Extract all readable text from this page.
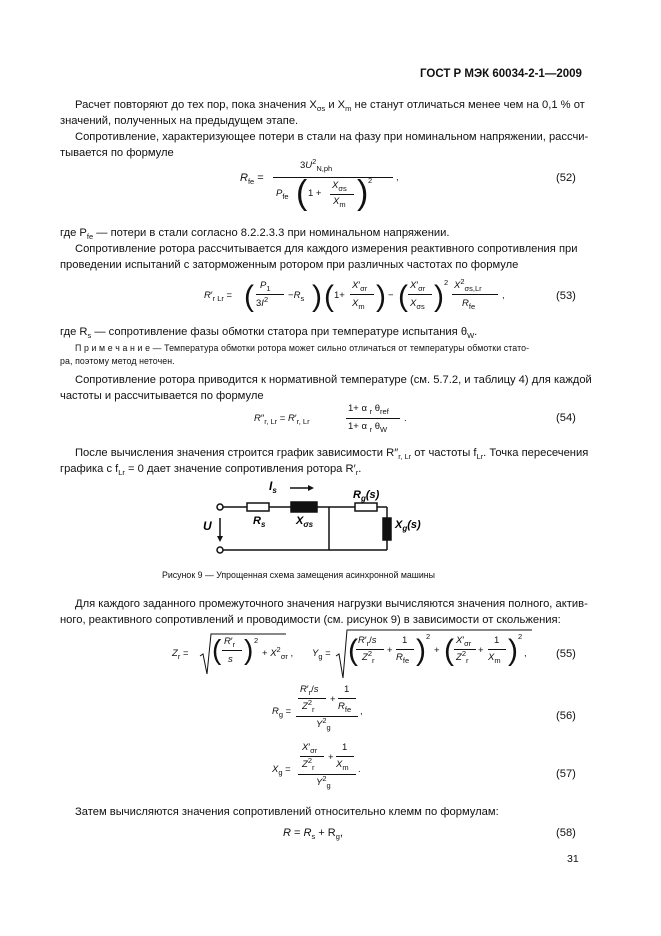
ГОСТ Р МЭК 60034-2-1—2009
Расчет повторяют до тех пор, пока значения $X_{\sigma s}$ и $X_m$ не станут отличаться менее чем на 0,1 % от
значений, полученных на предыдущем этапе.
Сопротивление, характеризующее потери в стали на фазу при номинальном напряжении, рассчи-
тывается по формуле
$R_{fe}$ =
$3U^2_{N,ph}$
$P_{fe}$ ( 1 +
$X_{\sigma s}$
$X_m$ ) 2	,	(52)
где $P_{fe}$ — потери в стали согласно 8.2.2.3.3 при номинальном напряжении.
Сопротивление ротора рассчитывается для каждого измерения реактивного сопротивления при
проведении испытаний с заторможенным ротором при различных частотах по формуле
$R'_{r Lr}$ = ( $P_1$
$3I^2 -R_s$ ) ( 1+
$X'_{\sigma r}$
$X_m$ ) − ( $X'_{\sigma r}$
$X_{\sigma s}$ ) 2 $X^2_{\sigma s,Lr}$
$R_{fe}$
,	(53)
где $R_s$ — сопротивление фазы обмотки статора при температуре испытания $\theta_W$.
П р и м е ч а н и е — Температура обмотки ротора может сильно отличаться от температуры обмотки стато-
ра, поэтому метод неточен.
Сопротивление ротора приводится к нормативной температуре (см. 5.7.2, и таблицу 4) для каждой
частоты и рассчитывается по формуле
$R''_{r, Lr} = R'_{r, Lr}$
1+ α $_r$ $\theta_{ref}$
1+ α $_r$ $\theta_W$
.	(54)
После вычисления значения строится график зависимости $R''_{r, Lr}$ от частоты $f_{Lr}$. Точка пересечения
графика с $f_{Lr} = 0$ дает значение сопротивления ротора $R'_r$.
$I_s$
U	$R_s$	$X_{\sigma s}$
$R_g(s)$
$X_g(s)$
Рисунок 9 — Упрощенная схема замещения асинхронной машины
Для каждого заданного промежуточного значения нагрузки вычисляются значения полного, актив-
ного, реактивного сопротивлений и проводимости (см. рисунок 9) в зависимости от скольжения:
$Z_r$ = ( $R'_r$
s ) 2
+ $X^2_{\sigma r}$ , $Y_g$ = ( $R'_r/s$
$Z^2_r$
+
1
$R_{fe}$ ) 2
+ ( $X'_{\sigma r}$
$Z^2_r$
+
1
$X_m$ ) 2
,	(55)
$R_g$ =
$R'_r/s$
$Z^2_r$
+
1
$R_{fe}$
$Y^2_g$
,	(56)
$X_g$ =
$X'_{\sigma r}$
$Z^2_r$
+
1
$X_m$
$Y^2_g$
.	(57)
Затем вычисляются значения сопротивлений относительно клемм по формулам:
$R = R_s + R_g$,	(58)
31
